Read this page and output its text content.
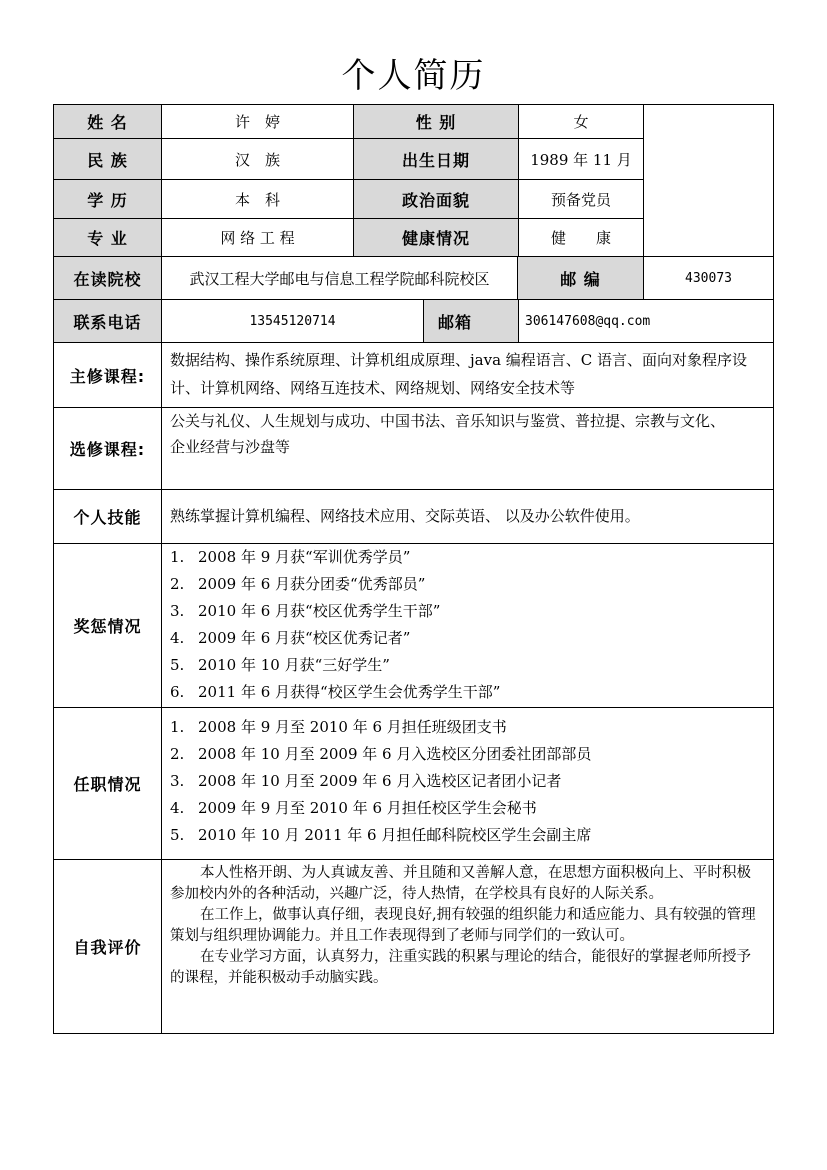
个人简历
姓 名	许　婷	性 别	女
民 族	汉　族	出生日期	1989 年 11 月
学 历	本　科	政治面貌	预备党员
专 业	网 络 工 程	健康情况	健　　康
在读院校	武汉工程大学邮电与信息工程学院邮科院校区	邮 编	430073
联系电话	13545120714	邮箱	306147608@qq.com
主修课程:
数据结构、操作系统原理、计算机组成原理、java 编程语言、C 语言、面向对象程序设计、计算机网络、网络互连技术、网络规划、网络安全技术等
选修课程:
公关与礼仪、人生规划与成功、中国书法、音乐知识与鉴赏、普拉提、宗教与文化、
企业经营与沙盘等
个人技能	熟练掌握计算机编程、网络技术应用、交际英语、 以及办公软件使用。
奖惩情况
1. 2008 年 9 月获“军训优秀学员”
2. 2009 年 6 月获分团委“优秀部员”
3. 2010 年 6 月获“校区优秀学生干部”
4. 2009 年 6 月获“校区优秀记者”
5. 2010 年 10 月获“三好学生”
6. 2011 年 6 月获得“校区学生会优秀学生干部”
任职情况
1. 2008 年 9 月至 2010 年 6 月担任班级团支书
2. 2008 年 10 月至 2009 年 6 月入选校区分团委社团部部员
3. 2008 年 10 月至 2009 年 6 月入选校区记者团小记者
4. 2009 年 9 月至 2010 年 6 月担任校区学生会秘书
5. 2010 年 10 月 2011 年 6 月担任邮科院校区学生会副主席
自我评价

本人性格开朗、为人真诚友善、并且随和又善解人意，在思想方面积极向上、平时积极参加校内外的各种活动，兴趣广泛，待人热情，在学校具有良好的人际关系。

在工作上，做事认真仔细，表现良好,拥有较强的组织能力和适应能力、具有较强的管理策划与组织理协调能力。并且工作表现得到了老师与同学们的一致认可。

在专业学习方面，认真努力，注重实践的积累与理论的结合，能很好的掌握老师所授予的课程，并能积极动手动脑实践。
